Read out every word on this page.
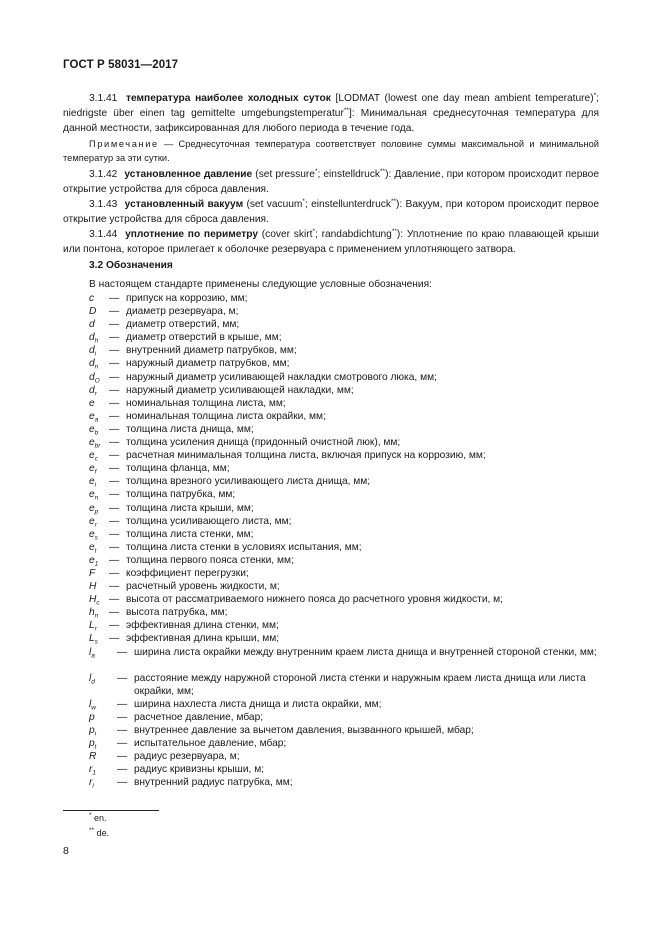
ГОСТ Р 58031—2017
3.1.41 температура наиболее холодных суток [LODMAT (lowest one day mean ambient temperature)*; niedrigste über einen tag gemittelte umgebungstemperatur**]: Минимальная среднесуточная температура для данной местности, зафиксированная для любого периода в течение года.
Примечание — Среднесуточная температура соответствует половине суммы максимальной и минимальной температур за эти сутки.
3.1.42 установленное давление (set pressure*; einstelldruck**): Давление, при котором происходит первое открытие устройства для сброса давления.
3.1.43 установленный вакуум (set vacuum*; einstellunterdruck**): Вакуум, при котором происходит первое открытие устройства для сброса давления.
3.1.44 уплотнение по периметру (cover skirt*; randabdichtung**): Уплотнение по краю плавающей крыши или понтона, которое прилегает к оболочке резервуара с применением уплотняющего затвора.
3.2 Обозначения
В настоящем стандарте применены следующие условные обозначения:
c — припуск на коррозию, мм;
D — диаметр резервуара, м;
d — диаметр отверстий, мм;
$d_h$ — диаметр отверстий в крыше, мм;
$d_i$ — внутренний диаметр патрубков, мм;
$d_n$ — наружный диаметр патрубков, мм;
$d_O$ — наружный диаметр усиливающей накладки смотрового люка, мм;
$d_r$ — наружный диаметр усиливающей накладки, мм;
e — номинальная толщина листа, мм;
$e_a$ — номинальная толщина листа окрайки, мм;
$e_b$ — толщина листа днища, мм;
$e_{br}$ — толщина усиления днища (придонный очистной люк), мм;
$e_c$ — расчетная минимальная толщина листа, включая припуск на коррозию, мм;
$e_f$ — толщина фланца, мм;
$e_i$ — толщина врезного усиливающего листа днища, мм;
$e_n$ — толщина патрубка, мм;
$e_p$ — толщина листа крыши, мм;
$e_r$ — толщина усиливающего листа, мм;
$e_s$ — толщина листа стенки, мм;
$e_t$ — толщина листа стенки в условиях испытания, мм;
$e_1$ — толщина первого пояса стенки, мм;
F — коэффициент перегрузки;
H — расчетный уровень жидкости, м;
$H_c$ — высота от рассматриваемого нижнего пояса до расчетного уровня жидкости, м;
$h_n$ — высота патрубка, мм;
$L_r$ — эффективная длина стенки, мм;
$L_s$ — эффективная длина крыши, мм;
$l_a$ — ширина листа окрайки между внутренним краем листа днища и внутренней стороной стенки, мм;
$l_d$ — расстояние между наружной стороной листа стенки и наружным краем листа днища или листа окрайки, мм;
$l_w$ — ширина нахлеста листа днища и листа окрайки, мм;
p — расчетное давление, мбар;
$p_i$ — внутреннее давление за вычетом давления, вызванного крышей, мбар;
$p_t$ — испытательное давление, мбар;
R — радиус резервуара, м;
$r_1$ — радиус кривизны крыши, м;
$r_i$ — внутренний радиус патрубка, мм;
* en.
** de.
8
